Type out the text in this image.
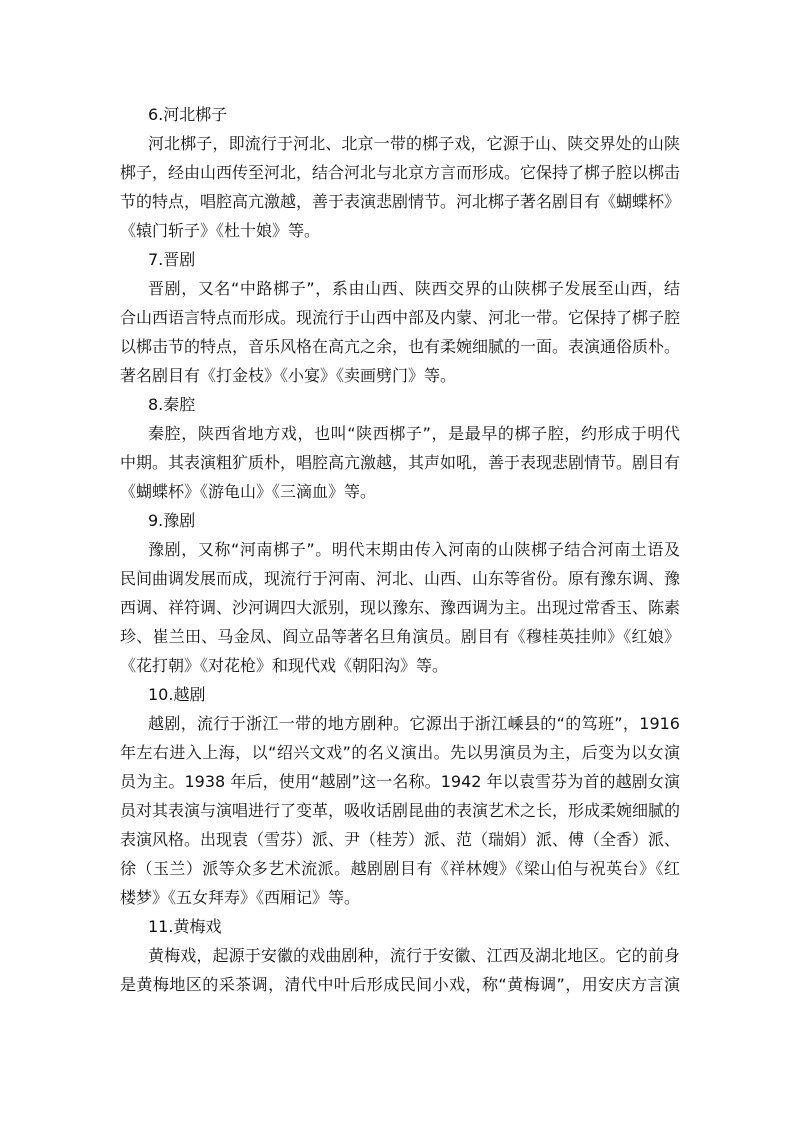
6.河北梆子

河北梆子，即流行于河北、北京一带的梆子戏，它源于山、陕交界处的山陕

梆子，经由山西传至河北，结合河北与北京方言而形成。它保持了梆子腔以梆击

节的特点，唱腔高亢激越，善于表演悲剧情节。河北梆子著名剧目有《蝴蝶杯》

《辕门斩子》《杜十娘》等。

7.晋剧

晋剧，又名“中路梆子”，系由山西、陕西交界的山陕梆子发展至山西，结

合山西语言特点而形成。现流行于山西中部及内蒙、河北一带。它保持了梆子腔

以梆击节的特点，音乐风格在高亢之余，也有柔婉细腻的一面。表演通俗质朴。

著名剧目有《打金枝》《小宴》《卖画劈门》等。

8.秦腔

秦腔，陕西省地方戏，也叫“陕西梆子”，是最早的梆子腔，约形成于明代

中期。其表演粗犷质朴，唱腔高亢激越，其声如吼，善于表现悲剧情节。剧目有

《蝴蝶杯》《游龟山》《三滴血》等。

9.豫剧

豫剧，又称“河南梆子”。明代末期由传入河南的山陕梆子结合河南土语及

民间曲调发展而成，现流行于河南、河北、山西、山东等省份。原有豫东调、豫

西调、祥符调、沙河调四大派别，现以豫东、豫西调为主。出现过常香玉、陈素

珍、崔兰田、马金凤、阎立品等著名旦角演员。剧目有《穆桂英挂帅》《红娘》

《花打朝》《对花枪》和现代戏《朝阳沟》等。

10.越剧

越剧，流行于浙江一带的地方剧种。它源出于浙江嵊县的“的笃班”，1916

年左右进入上海，以“绍兴文戏”的名义演出。先以男演员为主，后变为以女演

员为主。1938 年后，使用“越剧”这一名称。1942 年以袁雪芬为首的越剧女演

员对其表演与演唱进行了变革，吸收话剧昆曲的表演艺术之长，形成柔婉细腻的

表演风格。出现袁（雪芬）派、尹（桂芳）派、范（瑞娟）派、傅（全香）派、

徐（玉兰）派等众多艺术流派。越剧剧目有《祥林嫂》《梁山伯与祝英台》《红

楼梦》《五女拜寿》《西厢记》等。

11.黄梅戏

黄梅戏，起源于安徽的戏曲剧种，流行于安徽、江西及湖北地区。它的前身

是黄梅地区的采茶调，清代中叶后形成民间小戏，称“黄梅调”，用安庆方言演
